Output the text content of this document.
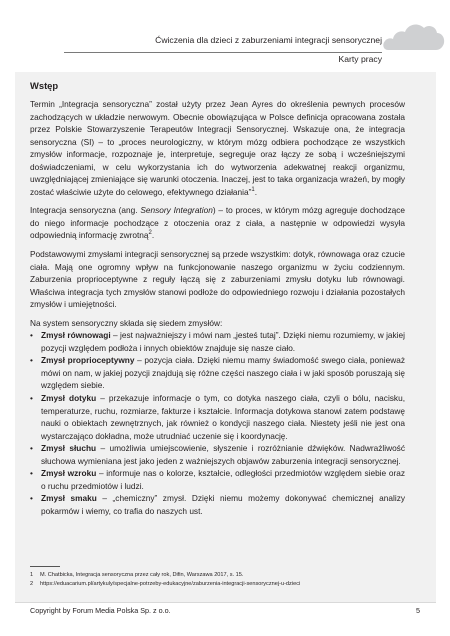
Ćwiczenia dla dzieci z zaburzeniami integracji sensorycznej
Karty pracy
Wstęp

Termin „Integracja sensoryczna” został użyty przez Jean Ayres do określenia pewnych procesów zachodzących w układzie nerwowym. Obecnie obowiązująca w Polsce definicja opracowana została przez Polskie Stowarzyszenie Terapeutów Integracji Sensorycznej. Wskazuje ona, że integracja sensoryczna (SI) – to „proces neurologiczny, w którym mózg odbiera pochodzące ze wszystkich zmysłów informacje, rozpoznaje je, interpretuje, segreguje oraz łączy ze sobą i wcześniejszymi doświadczeniami, w celu wykorzystania ich do wytworzenia adekwatnej reakcji organizmu, uwzględniającej zmieniające się warunki otoczenia. Inaczej, jest to taka organizacja wrażeń, by mogły zostać właściwie użyte do celowego, efektywnego działania”$^1$.

Integracja sensoryczna (ang. Sensory Integration) – to proces, w którym mózg agreguje dochodzące do niego informacje pochodzące z otoczenia oraz z ciała, a następnie w odpowiedzi wysyła odpowiednią informację zwrotną$^2$.

Podstawowymi zmysłami integracji sensorycznej są przede wszystkim: dotyk, równowaga oraz czucie ciała. Mają one ogromny wpływ na funkcjonowanie naszego organizmu w życiu codziennym. Zaburzenia proprioceptywne z reguły łączą się z zaburzeniami zmysłu dotyku lub równowagi. Właściwa integracja tych zmysłów stanowi podłoże do odpowiedniego rozwoju i działania pozostałych zmysłów i umiejętności.

Na system sensoryczny składa się siedem zmysłów:

• Zmysł równowagi – jest najważniejszy i mówi nam „jesteś tutaj”. Dzięki niemu rozumiemy, w jakiej pozycji względem podłoża i innych obiektów znajduje się nasze ciało.
• Zmysł proprioceptywny – pozycja ciała. Dzięki niemu mamy świadomość swego ciała, ponieważ mówi on nam, w jakiej pozycji znajdują się różne części naszego ciała i w jaki sposób poruszają się względem siebie.
• Zmysł dotyku – przekazuje informacje o tym, co dotyka naszego ciała, czyli o bólu, nacisku, temperaturze, ruchu, rozmiarze, fakturze i kształcie. Informacja dotykowa stanowi zatem podstawę nauki o obiektach zewnętrznych, jak również o kondycji naszego ciała. Niestety jeśli nie jest ona wystarczająco dokładna, może utrudniać uczenie się i koordynację.
• Zmysł słuchu – umożliwia umiejscowienie, słyszenie i rozróżnianie dźwięków. Nadwrażliwość słuchowa wymieniana jest jako jeden z ważniejszych objawów zaburzenia integracji sensorycznej.
• Zmysł wzroku – informuje nas o kolorze, kształcie, odległości przedmiotów względem siebie oraz o ruchu przedmiotów i ludzi.
• Zmysł smaku – „chemiczny” zmysł. Dzięki niemu możemy dokonywać chemicznej analizy pokarmów i wiemy, co trafia do naszych ust.
1 M. Chatbicka, Integracja sensoryczna przez cały rok, Difin, Warszawa 2017, s. 15.
2 https://eduacarium.pl/artykuly/specjalne-potrzeby-edukacyjne/zaburzenia-integracji-sensorycznej-u-dzieci
Copyright by Forum Media Polska Sp. z o.o.	5
